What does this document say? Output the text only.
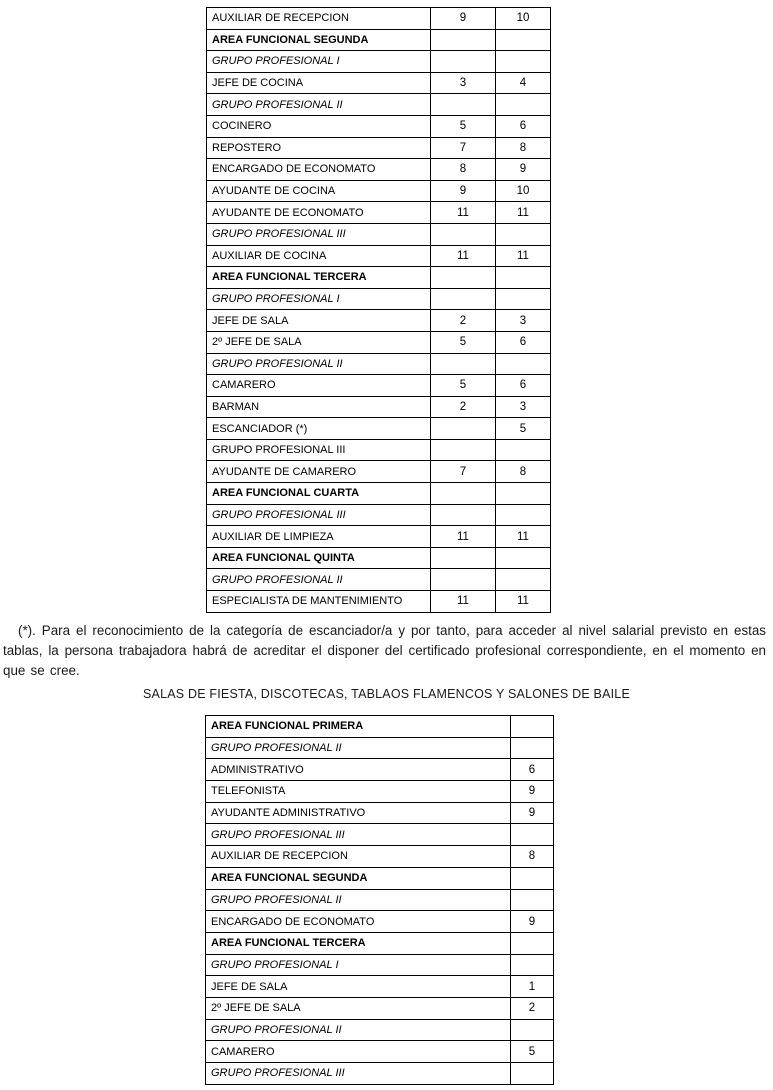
AUXILIAR DE RECEPCION	9	10
AREA FUNCIONAL SEGUNDA		
GRUPO PROFESIONAL I		
JEFE DE COCINA	3	4
GRUPO PROFESIONAL II		
COCINERO	5	6
REPOSTERO	7	8
ENCARGADO DE ECONOMATO	8	9
AYUDANTE DE COCINA	9	10
AYUDANTE DE ECONOMATO	11	11
GRUPO PROFESIONAL III		
AUXILIAR DE COCINA	11	11
AREA FUNCIONAL TERCERA		
GRUPO PROFESIONAL I		
JEFE DE SALA	2	3
2º JEFE DE SALA	5	6
GRUPO PROFESIONAL II		
CAMARERO	5	6
BARMAN	2	3
ESCANCIADOR (*)		5
GRUPO PROFESIONAL III		
AYUDANTE DE CAMARERO	7	8
AREA FUNCIONAL CUARTA		
GRUPO PROFESIONAL III		
AUXILIAR DE LIMPIEZA	11	11
AREA FUNCIONAL QUINTA		
GRUPO PROFESIONAL II		
ESPECIALISTA DE MANTENIMIENTO	11	11

(*). Para el reconocimiento de la categoría de escanciador/a y por tanto, para acceder al nivel salarial previsto en estas tablas, la persona trabajadora habrá de acreditar el disponer del certificado profesional correspondiente, en el momento en que se cree.

SALAS DE FIESTA, DISCOTECAS, TABLAOS FLAMENCOS Y SALONES DE BAILE
AREA FUNCIONAL PRIMERA	
GRUPO PROFESIONAL II	
ADMINISTRATIVO	6
TELEFONISTA	9
AYUDANTE ADMINISTRATIVO	9
GRUPO PROFESIONAL III	
AUXILIAR DE RECEPCION	8
AREA FUNCIONAL SEGUNDA	
GRUPO PROFESIONAL II	
ENCARGADO DE ECONOMATO	9
AREA FUNCIONAL TERCERA	
GRUPO PROFESIONAL I	
JEFE DE SALA	1
2º JEFE DE SALA	2
GRUPO PROFESIONAL II	
CAMARERO	5
GRUPO PROFESIONAL III	
